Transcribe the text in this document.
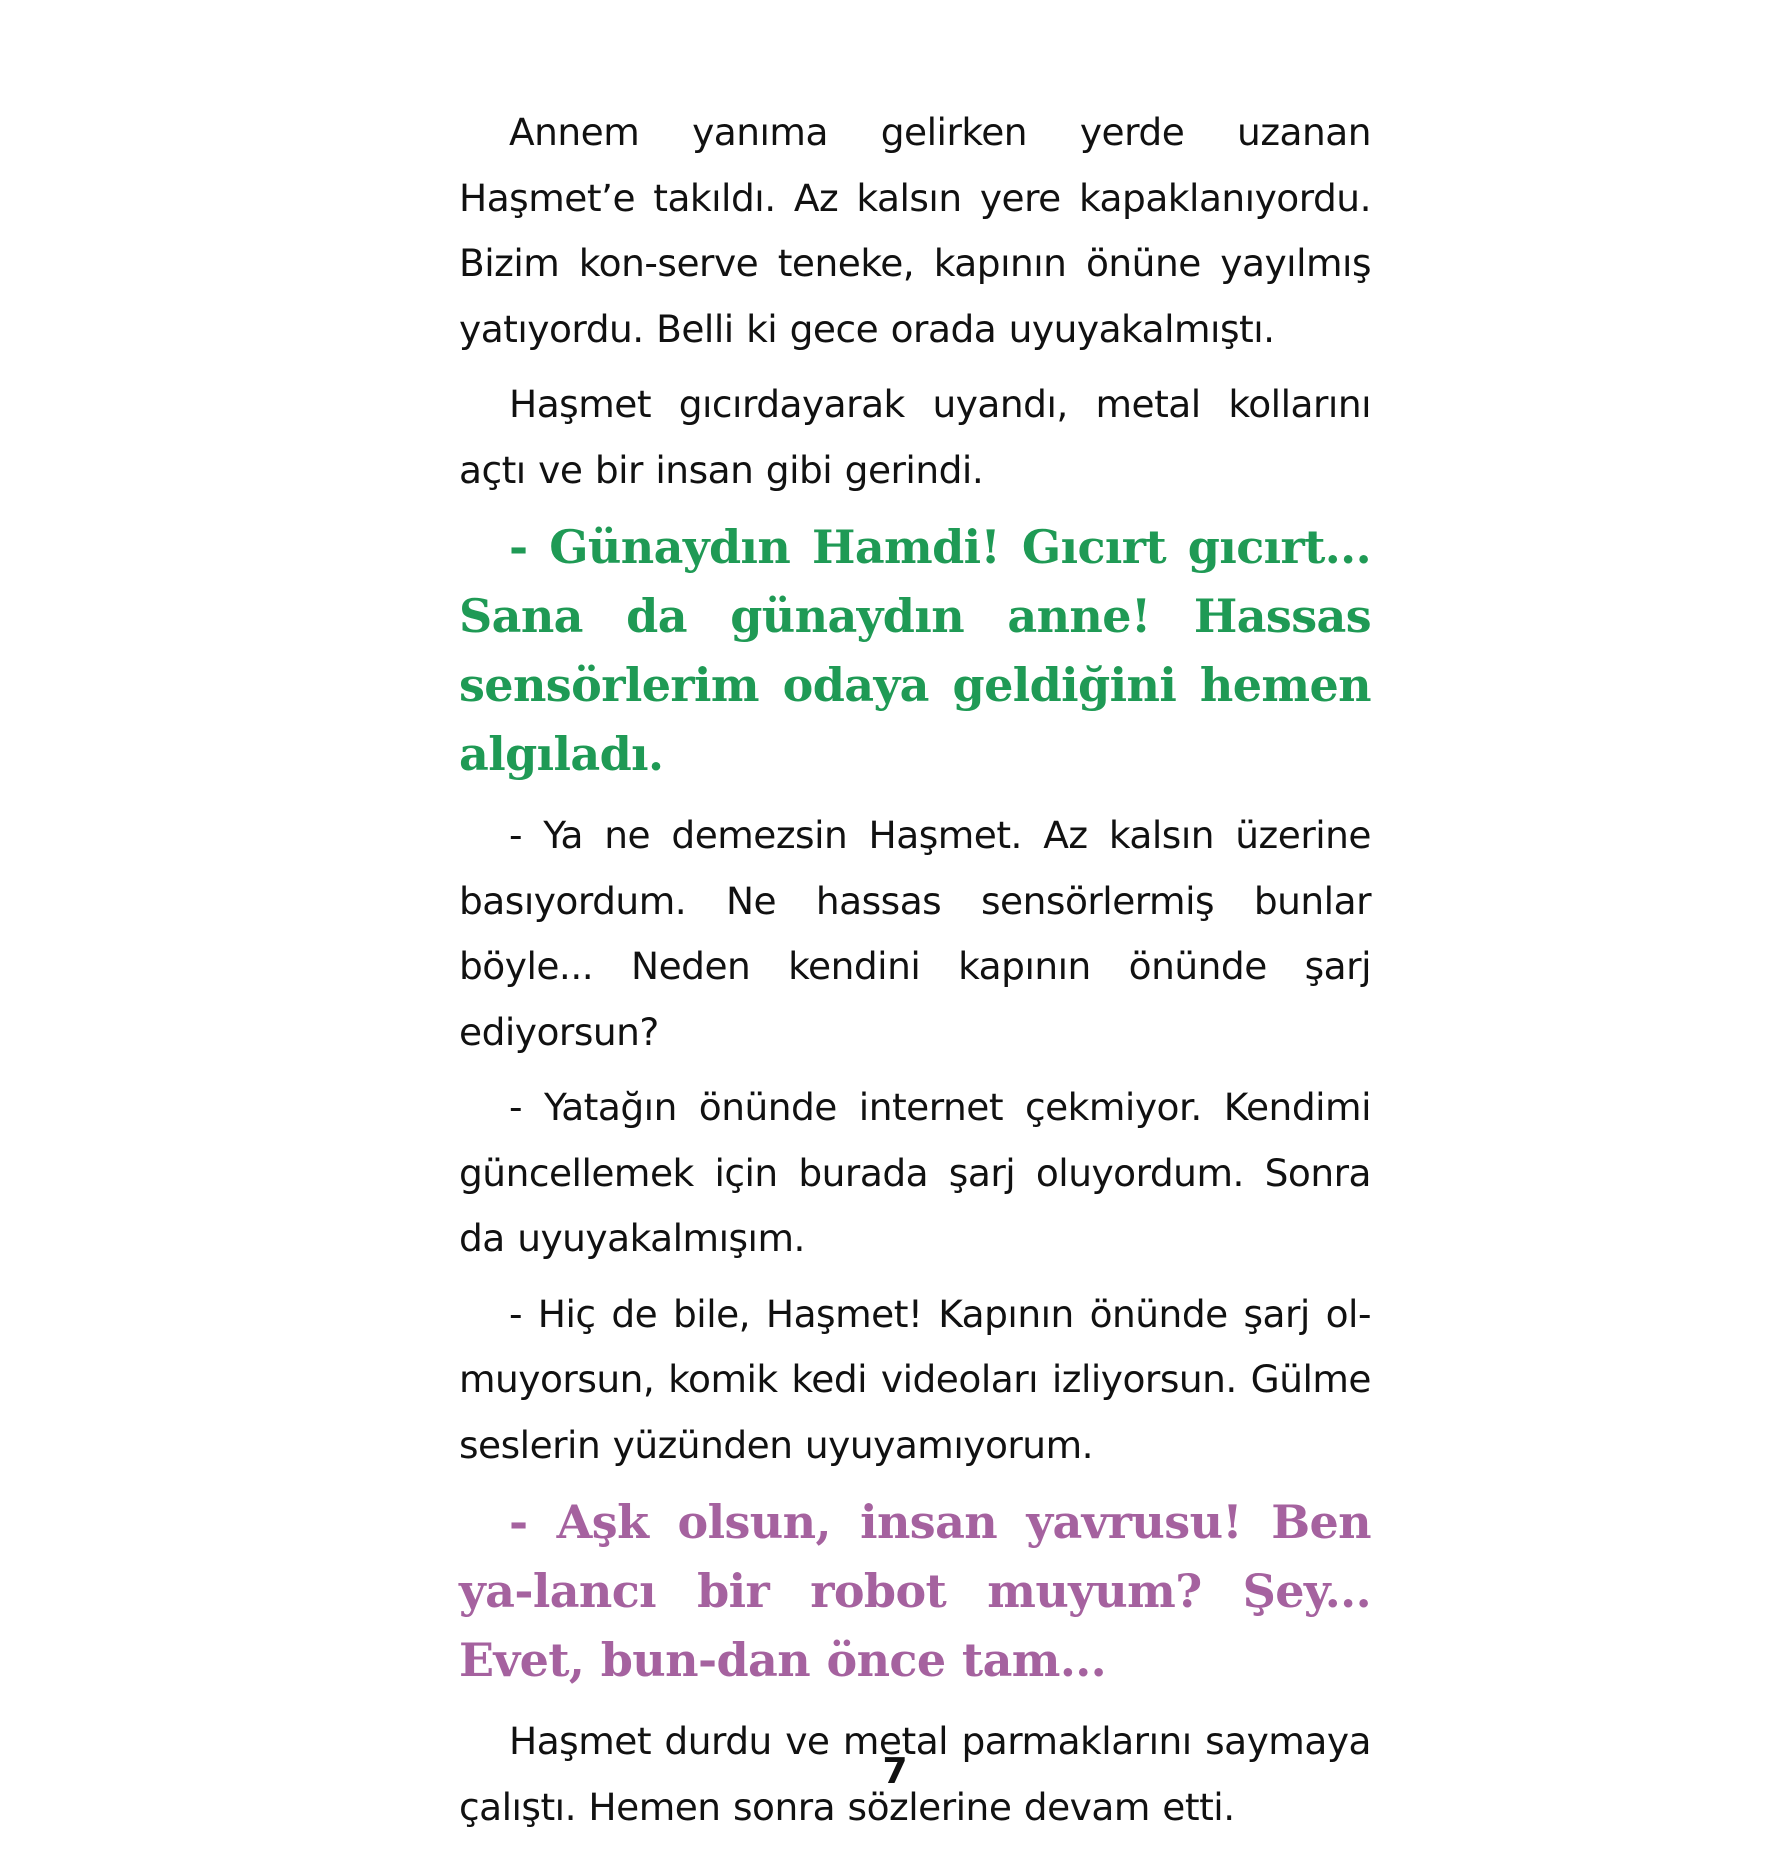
Annem yanıma gelirken yerde uzanan Haşmet’e takıldı. Az kalsın yere kapaklanıyordu. Bizim kon-serve teneke, kapının önüne yayılmış yatıyordu. Belli ki gece orada uyuyakalmıştı.

Haşmet gıcırdayarak uyandı, metal kollarını açtı ve bir insan gibi gerindi.

- Günaydın Hamdi! Gıcırt gıcırt... Sana da günaydın anne! Hassas sensörlerim odaya geldiğini hemen algıladı.

- Ya ne demezsin Haşmet. Az kalsın üzerine basıyordum. Ne hassas sensörlermiş bunlar böyle... Neden kendini kapının önünde şarj ediyorsun?

- Yatağın önünde internet çekmiyor. Kendimi güncellemek için burada şarj oluyordum. Sonra da uyuyakalmışım.

- Hiç de bile, Haşmet! Kapının önünde şarj ol-muyorsun, komik kedi videoları izliyorsun. Gülme seslerin yüzünden uyuyamıyorum.

- Aşk olsun, insan yavrusu! Ben ya-lancı bir robot muyum? Şey... Evet, bun-dan önce tam...

Haşmet durdu ve metal parmaklarını saymaya çalıştı. Hemen sonra sözlerine devam etti.

7
